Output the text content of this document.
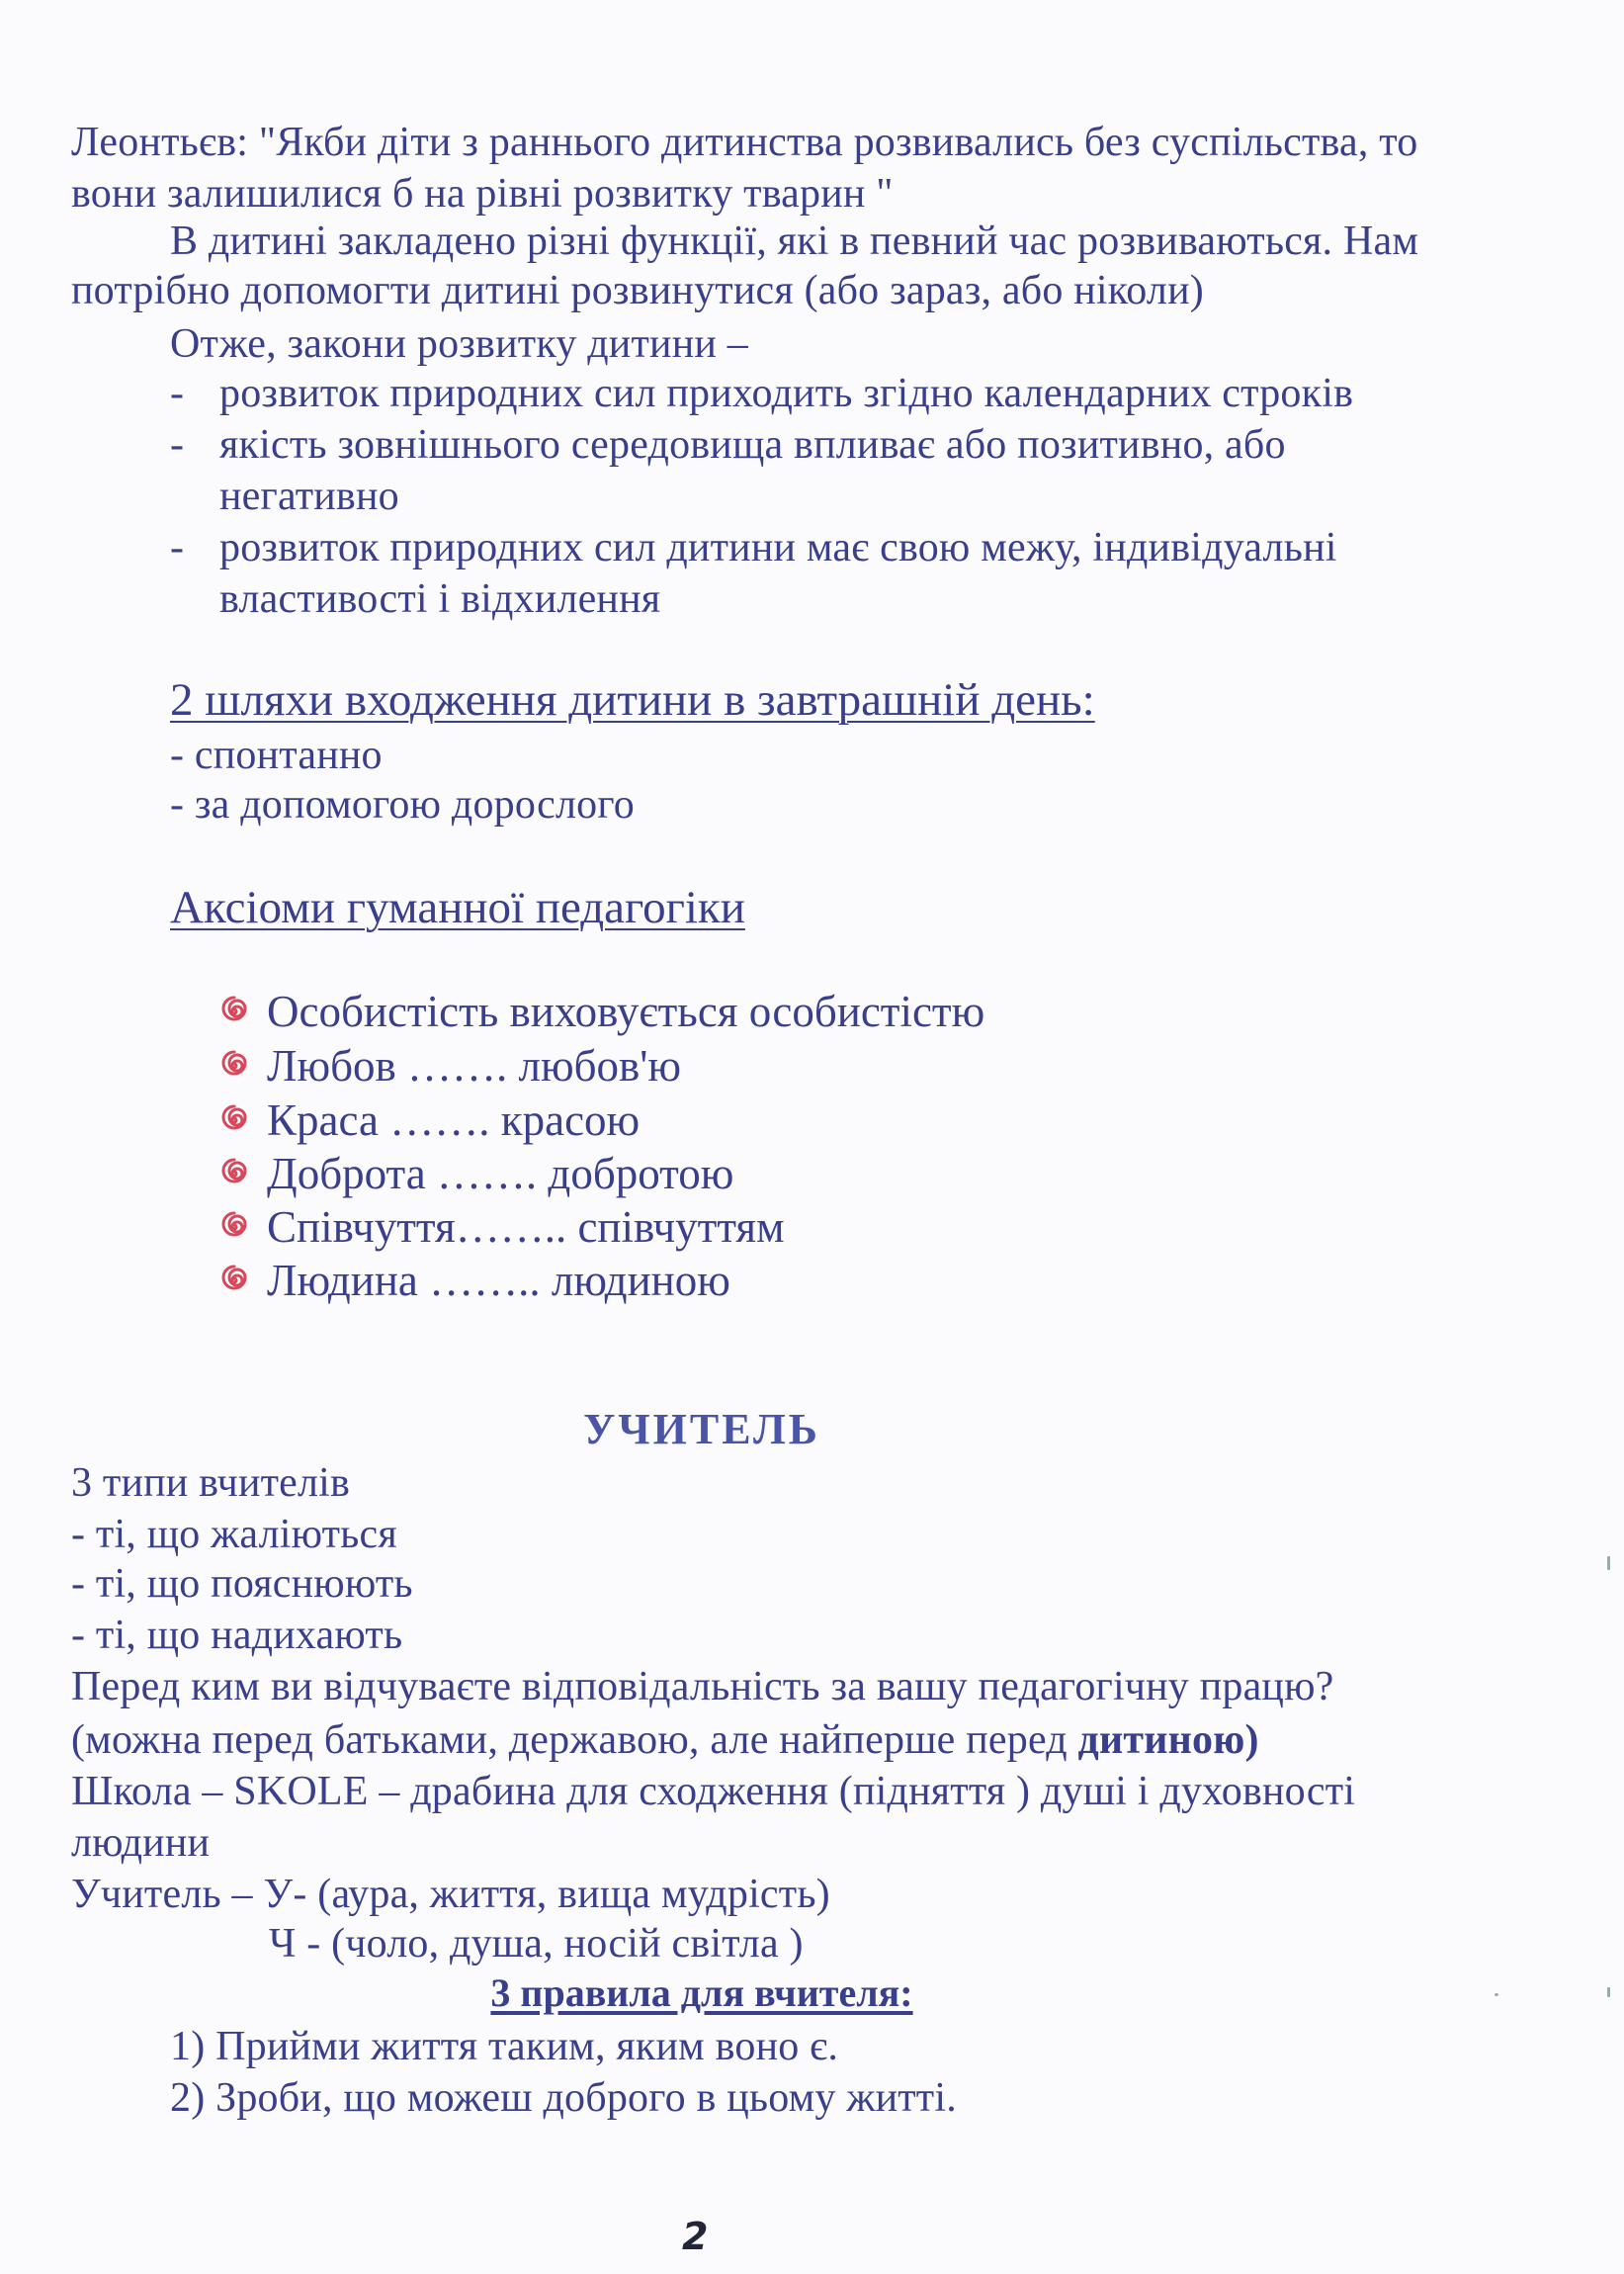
Леонтьєв: "Якби діти з раннього дитинства розвивались без суспільства, то
вони залишилися б на рівні розвитку тварин "
В дитині закладено різні функції, які в певний час розвиваються. Нам
потрібно допомогти дитині розвинутися (або зараз, або ніколи)
Отже, закони розвитку дитини –
- розвиток природних сил приходить згідно календарних строків
- якість зовнішнього середовища впливає або позитивно, або
негативно
- розвиток природних сил дитини має свою межу, індивідуальні
властивості і відхилення
2 шляхи входження дитини в завтрашній день:
- спонтанно
- за допомогою дорослого
Аксіоми гуманної педагогіки
Особистість виховується особистістю
Любов ……. любов'ю
Краса ……. красою
Доброта ……. добротою
Співчуття…….. співчуттям
Людина …….. людиною
УЧИТЕЛЬ
3 типи вчителів
- ті, що жаліються
- ті, що пояснюють
- ті, що надихають
Перед ким ви відчуваєте відповідальність за вашу педагогічну працю?
(можна перед батьками, державою, але найперше перед дитиною)
Школа – SKOLE – драбина для сходження (підняття ) душі і духовності
людини
Учитель – У- (аура, життя, вища мудрість)
Ч - (чоло, душа, носій світла )
3 правила для вчителя:
1) Прийми життя таким, яким воно є.
2) Зроби, що можеш доброго в цьому житті.
2
